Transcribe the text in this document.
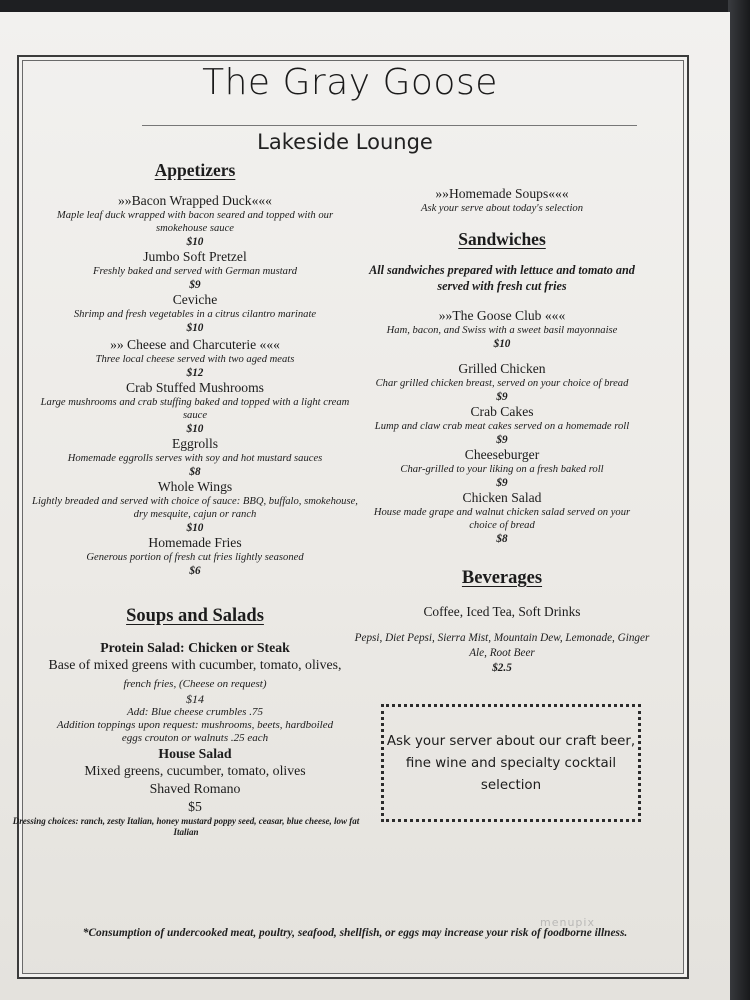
The Gray Goose
Lakeside Lounge
Appetizers
»»Bacon Wrapped Duck«««
Maple leaf duck wrapped with bacon seared and topped with our smokehouse sauce
$10
Jumbo Soft Pretzel
Freshly baked and served with German mustard
$9
Ceviche
Shrimp and fresh vegetables in a citrus cilantro marinate
$10
»» Cheese and Charcuterie «««
Three local cheese served with two aged meats
$12
Crab Stuffed Mushrooms
Large mushrooms and crab stuffing baked and topped with a light cream sauce
$10
Eggrolls
Homemade eggrolls serves with soy and hot mustard sauces
$8
Whole Wings
Lightly breaded and served with choice of sauce: BBQ, buffalo, smokehouse, dry mesquite, cajun or ranch
$10
Homemade Fries
Generous portion of fresh cut fries lightly seasoned
$6
Soups and Salads
Protein Salad: Chicken or Steak
Base of mixed greens with cucumber, tomato, olives, french fries, (Cheese on request)
$14
Add: Blue cheese crumbles .75
Addition toppings upon request: mushrooms, beets, hardboiled eggs crouton or walnuts .25 each
House Salad
Mixed greens, cucumber, tomato, olives
Shaved Romano
$5
Dressing choices: ranch, zesty Italian, honey mustard poppy seed, ceasar, blue cheese, low fat Italian
»»Homemade Soups«««
Ask your serve about today's selection
Sandwiches
All sandwiches prepared with lettuce and tomato and served with fresh cut fries
»»The Goose Club «««
Ham, bacon, and Swiss with a sweet basil mayonnaise
$10
Grilled Chicken
Char grilled chicken breast, served on your choice of bread
$9
Crab Cakes
Lump and claw crab meat cakes served on a homemade roll
$9
Cheeseburger
Char-grilled to your liking on a fresh baked roll
$9
Chicken Salad
House made grape and walnut chicken salad served on your choice of bread
$8
Beverages
Coffee, Iced Tea, Soft Drinks
Pepsi, Diet Pepsi, Sierra Mist, Mountain Dew, Lemonade, Ginger Ale, Root Beer
$2.5
Ask your server about our craft beer,
fine wine and specialty cocktail
selection
menupix
*Consumption of undercooked meat, poultry, seafood, shellfish, or eggs may increase your risk of foodborne illness.
